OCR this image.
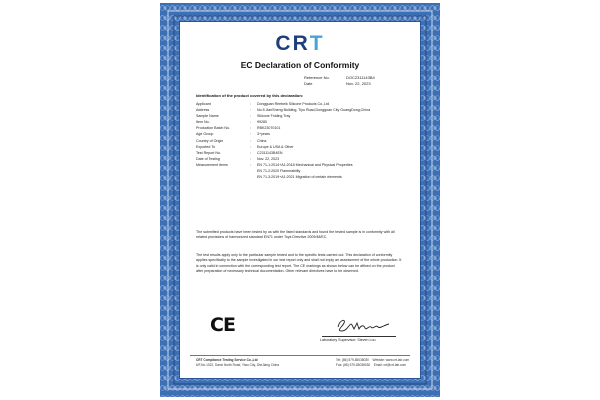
CRT
EC Declaration of Conformity
Reference No.	DOC2311143B4
Date	Nov. 22, 2023
Identification of the product covered by this declaration:
Applicant	:	Dongguan Reebeik Silicone Products Co.,Ltd
Address	:	No.5 JianSheng Building, Tiyu Road,Dongguan City GuangDong,China
Sample Name	:	Silicone Folding Tray
Item No.	:	99280
Production Batch No.	:	RBK23070101
Age Group	:	3+years
Country of Origin	:	China
Exported To	:	Europe & USA & Other
Test Report No.	:	C2311143B4EN
Date of Testing	:	Nov. 22, 2023
Measurement Items	:	EN 71-1:2014+A1:2018 Mechanical and Physical Properties
		EN 71-2:2020 Flammability
		EN 71-3:2019+A1:2021 Migration of certain elements
The submitted products have been tested by us with the listed standards and found the tested sample is in conformity with all related provisions of harmonized standard EN71 under Toys Directive 2009/48/EC.
The test results apply only to the particular sample tested and to the specific tests carried out. This declaration of conformity applies specifically to the sample investigated in our test report only and shall not imply an assessment of the whole production. It is only valid in connection with the corresponding test report. The CE markings as shown below can be affixed on the product after preparation of necessary technical documentation. Other relevant directives have to be observed.
CE
Laboratory Supervisor: Steven Lou
CRT Compliance Testing Service Co.,Ltd
6/F,No.1022, Danxi North Road, Yiwu City, ZheJiang China
Tel: (86) 579-85038030 Website: www.crt-lab.com
Fax: (86) 579-85038030 Email: crt@crt-lab.com
